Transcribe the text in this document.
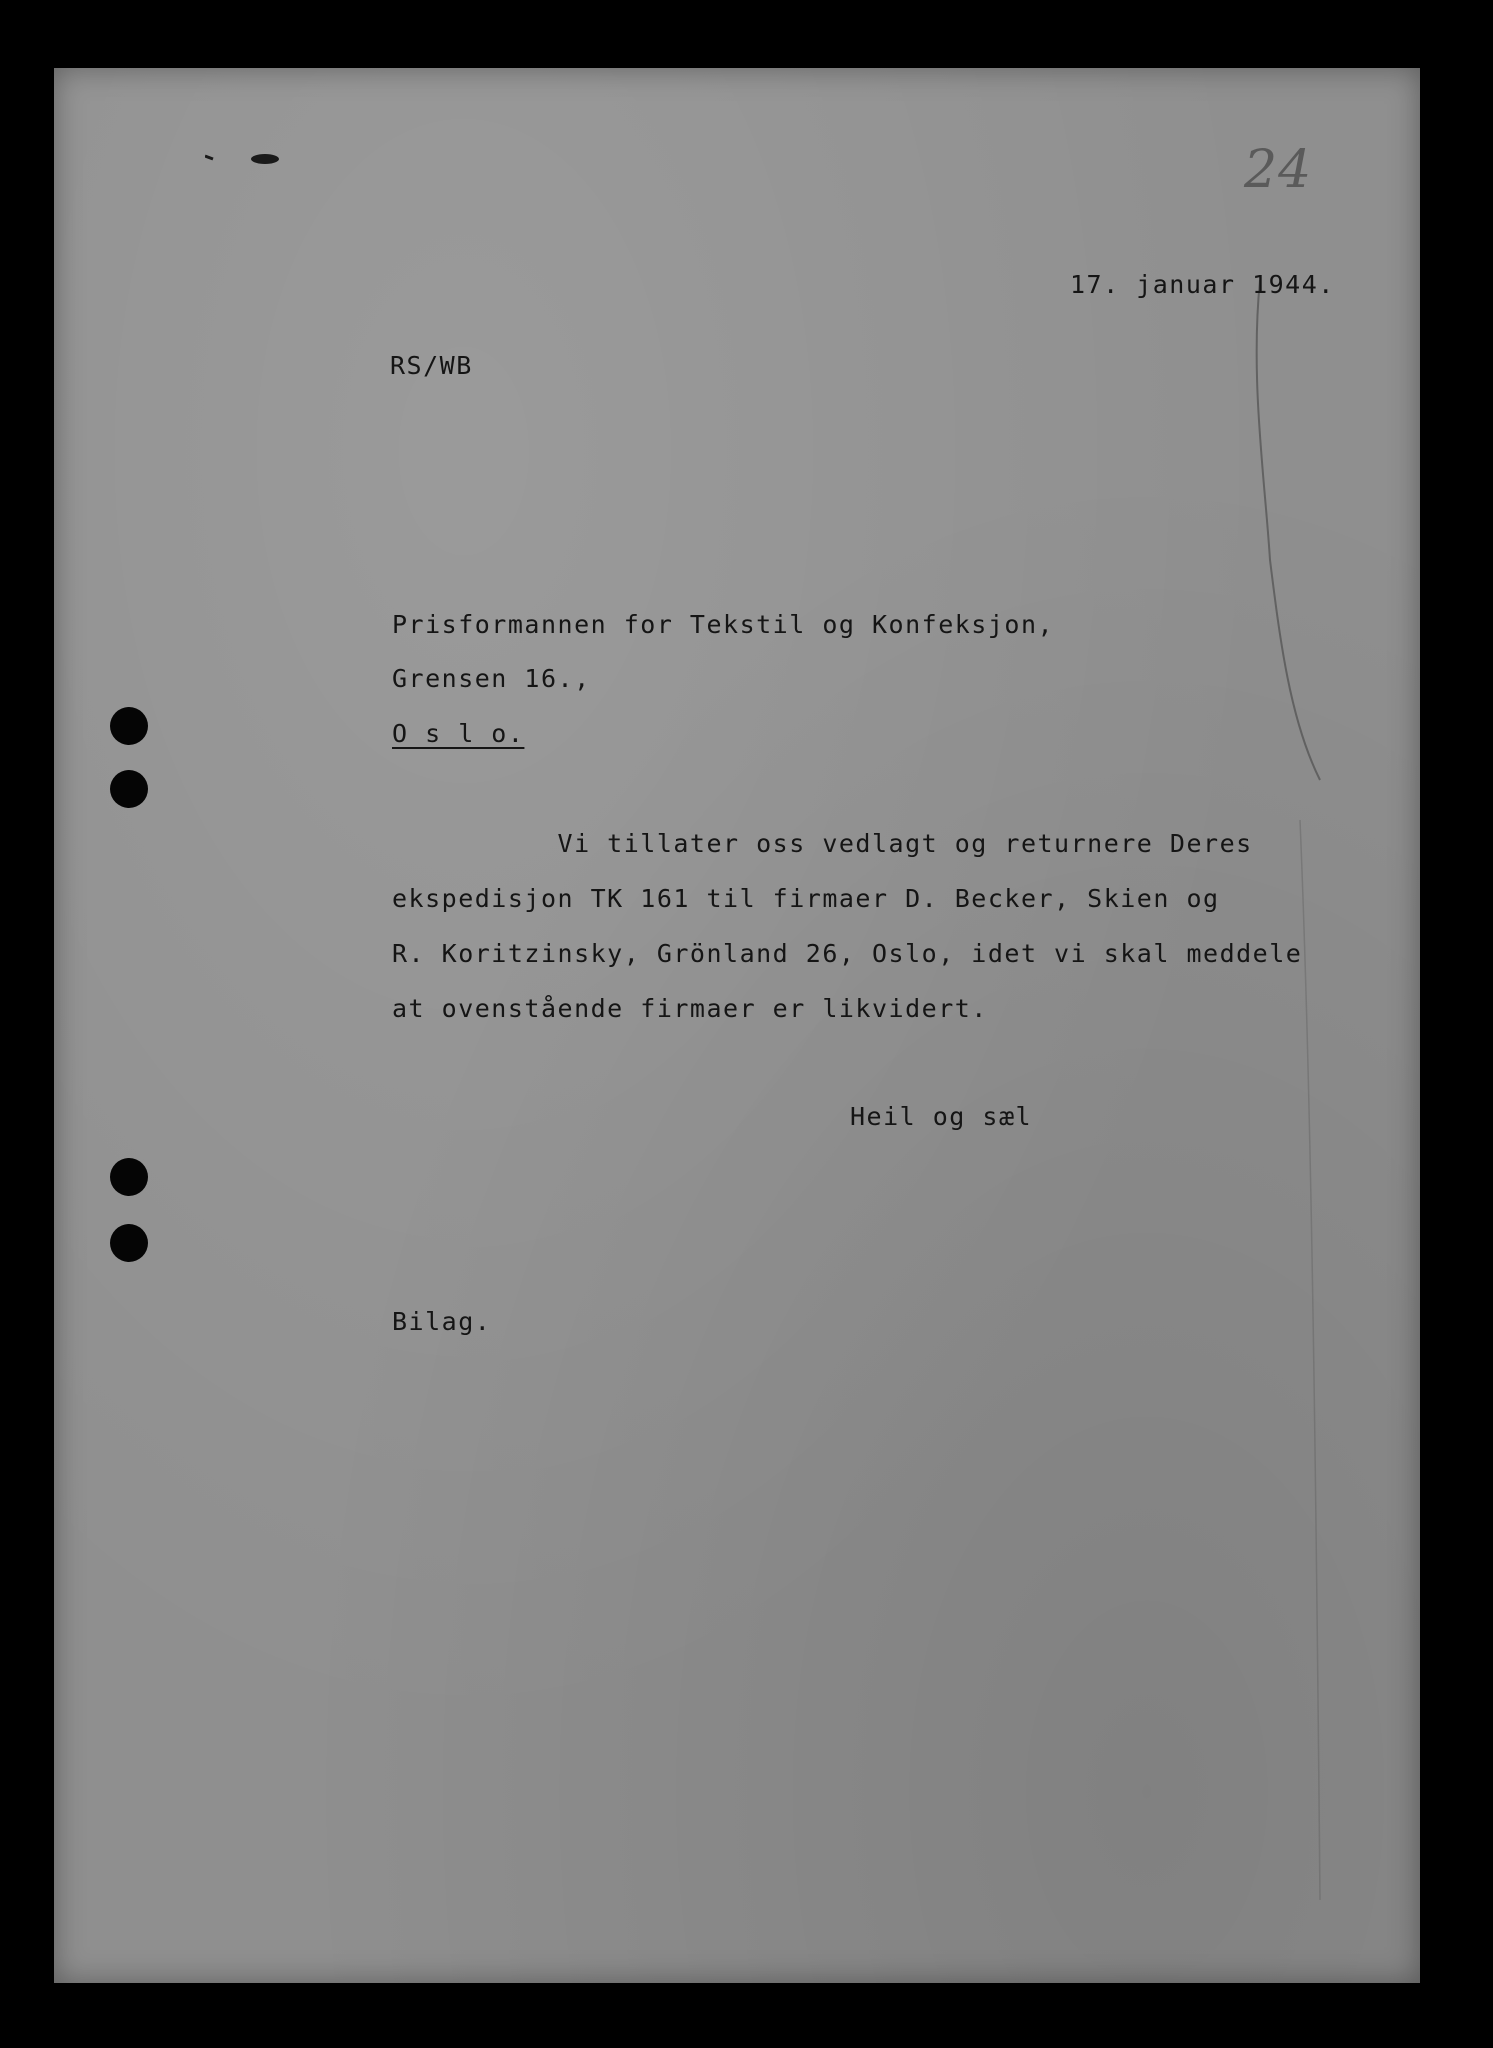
24

17. januar 1944.

RS/WB

Prisformannen for Tekstil og Konfeksjon,

Grensen 16.,

O s l o.

Vi tillater oss vedlagt og returnere Deres

ekspedisjon TK 161 til firmaer D. Becker, Skien og

R. Koritzinsky, Grönland 26, Oslo, idet vi skal meddele

at ovenstående firmaer er likvidert.

Heil og sæl

Bilag.
